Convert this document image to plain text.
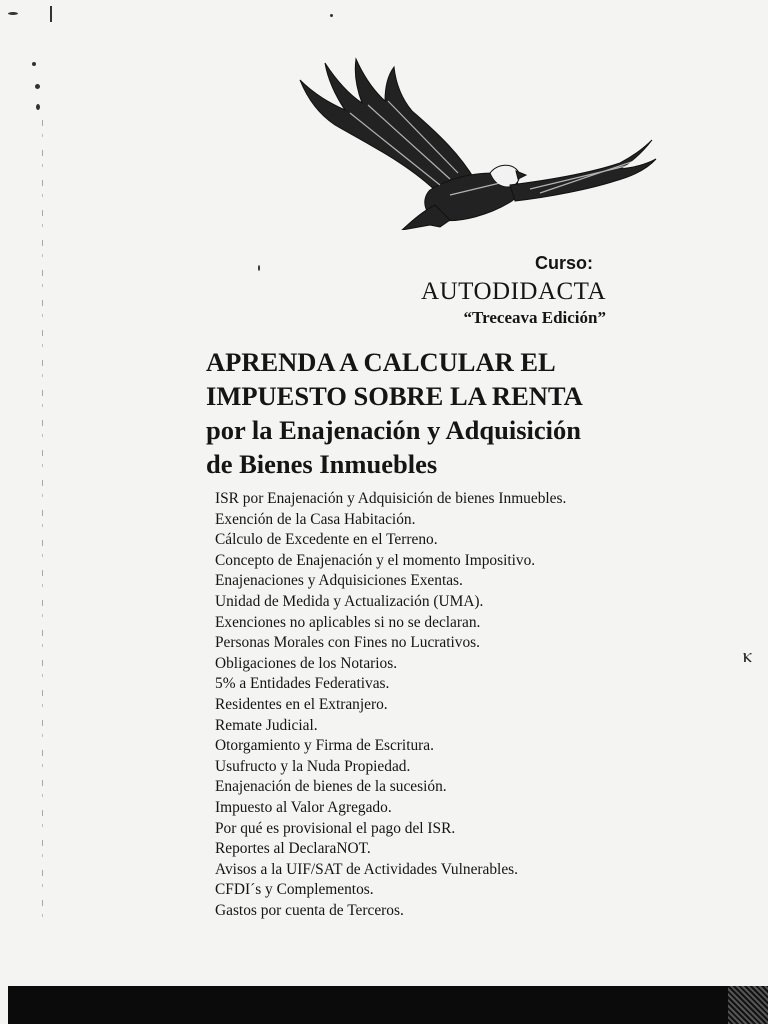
Curso:
AUTODIDACTA
“Treceava Edición”
APRENDA A CALCULAR EL
IMPUESTO SOBRE LA RENTA
por la Enajenación y Adquisición
de Bienes Inmuebles
ISR por Enajenación y Adquisición de bienes Inmuebles.
Exención de la Casa Habitación.
Cálculo de Excedente en el Terreno.
Concepto de Enajenación y el momento Impositivo.
Enajenaciones y Adquisiciones Exentas.
Unidad de Medida y Actualización (UMA).
Exenciones no aplicables si no se declaran.
Personas Morales con Fines no Lucrativos.
Obligaciones de los Notarios.
5% a Entidades Federativas.
Residentes en el Extranjero.
Remate Judicial.
Otorgamiento y Firma de Escritura.
Usufructo y la Nuda Propiedad.
Enajenación de bienes de la sucesión.
Impuesto al Valor Agregado.
Por qué es provisional el pago del ISR.
Reportes al DeclaraNOT.
Avisos a la UIF/SAT de Actividades Vulnerables.
CFDI´s y Complementos.
Gastos por cuenta de Terceros.
ⲕ
